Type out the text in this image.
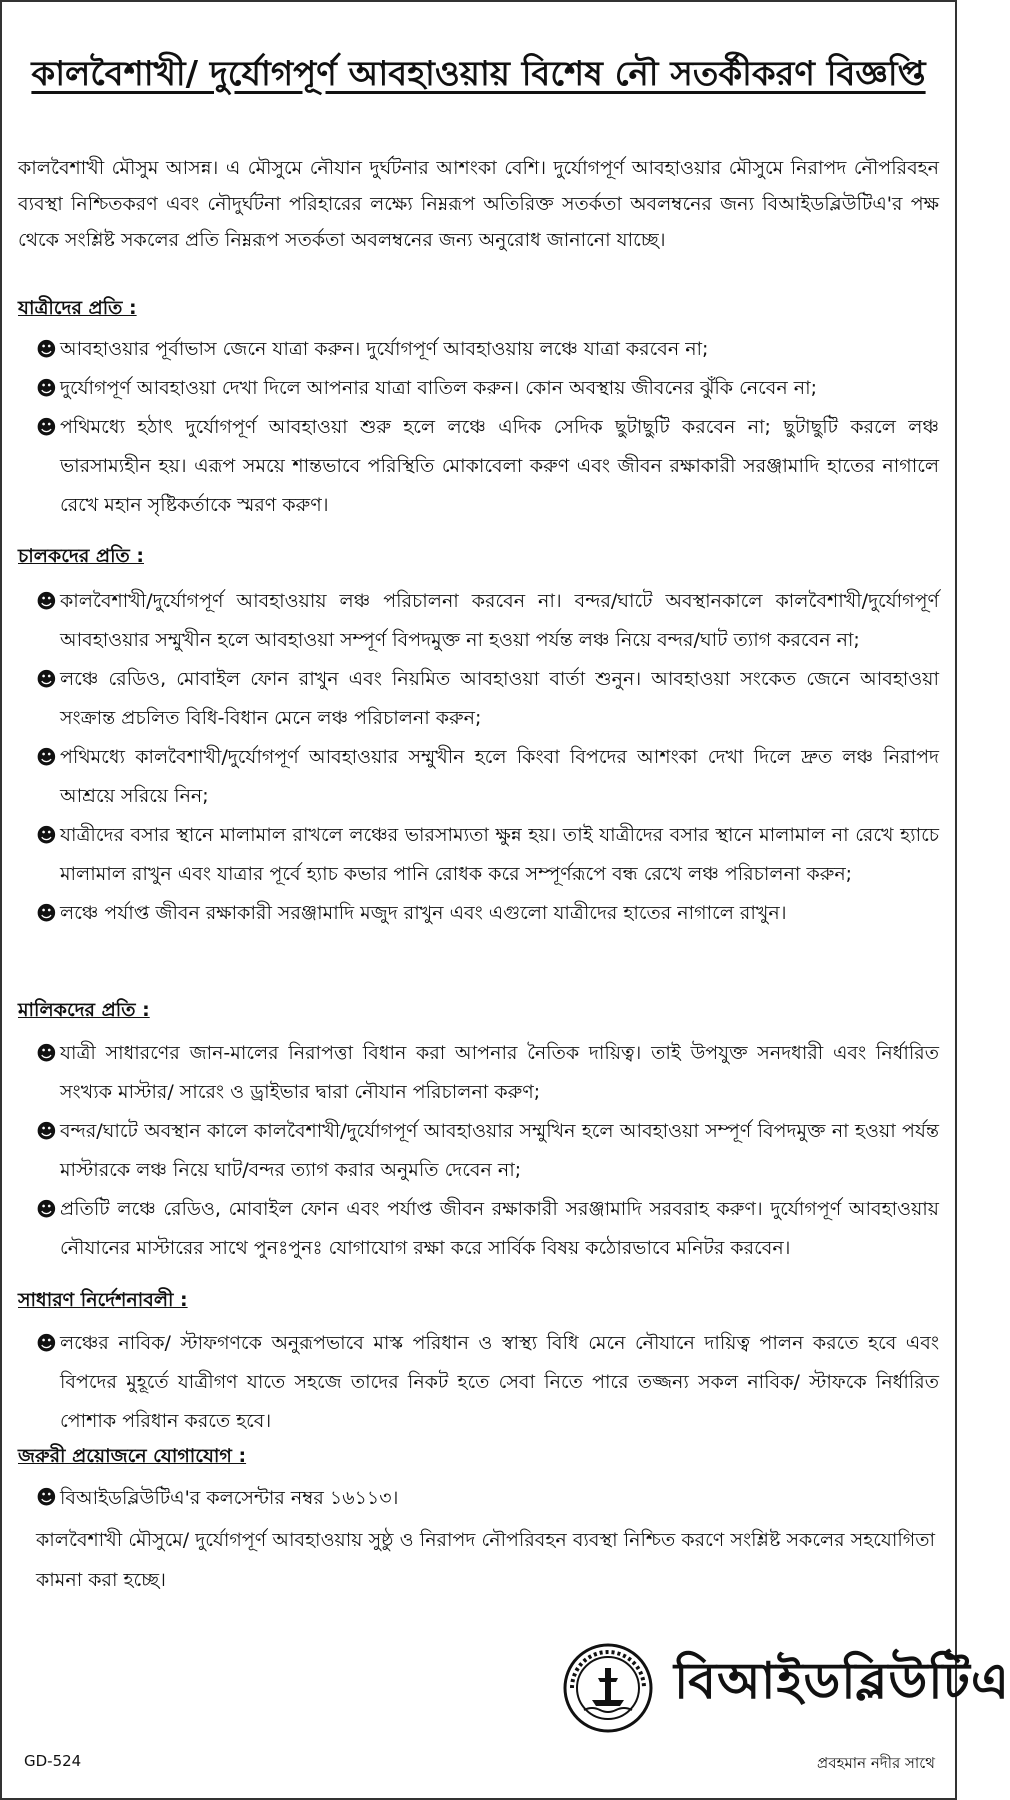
কালবৈশাখী/ দুর্যোগপূর্ণ আবহাওয়ায় বিশেষ নৌ সতর্কীকরণ বিজ্ঞপ্তি
কালবৈশাখী মৌসুম আসন্ন। এ মৌসুমে নৌযান দুর্ঘটনার আশংকা বেশি। দুর্যোগপূর্ণ আবহাওয়ার মৌসুমে নিরাপদ নৌপরিবহন ব্যবস্থা নিশ্চিতকরণ এবং নৌদুর্ঘটনা পরিহারের লক্ষ্যে নিম্নরূপ অতিরিক্ত সতর্কতা অবলম্বনের জন্য বিআইডব্লিউটিএ'র পক্ষ থেকে সংশ্লিষ্ট সকলের প্রতি নিম্নরূপ সতর্কতা অবলম্বনের জন্য অনুরোধ জানানো যাচ্ছে।
যাত্রীদের প্রতি :
☻ আবহাওয়ার পূর্বাভাস জেনে যাত্রা করুন। দুর্যোগপূর্ণ আবহাওয়ায় লঞ্চে যাত্রা করবেন না;
☻ দুর্যোগপূর্ণ আবহাওয়া দেখা দিলে আপনার যাত্রা বাতিল করুন। কোন অবস্থায় জীবনের ঝুঁকি নেবেন না;
☻ পথিমধ্যে হঠাৎ দুর্যোগপূর্ণ আবহাওয়া শুরু হলে লঞ্চে এদিক সেদিক ছুটাছুটি করবেন না; ছুটাছুটি করলে লঞ্চ ভারসাম্যহীন হয়। এরূপ সময়ে শান্তভাবে পরিস্থিতি মোকাবেলা করুণ এবং জীবন রক্ষাকারী সরঞ্জামাদি হাতের নাগালে রেখে মহান সৃষ্টিকর্তাকে স্মরণ করুণ।
চালকদের প্রতি :
☻ কালবৈশাখী/দুর্যোগপূর্ণ আবহাওয়ায় লঞ্চ পরিচালনা করবেন না। বন্দর/ঘাটে অবস্থানকালে কালবৈশাখী/দুর্যোগপূর্ণ আবহাওয়ার সম্মুখীন হলে আবহাওয়া সম্পূর্ণ বিপদমুক্ত না হওয়া পর্যন্ত লঞ্চ নিয়ে বন্দর/ঘাট ত্যাগ করবেন না;
☻ লঞ্চে রেডিও, মোবাইল ফোন রাখুন এবং নিয়মিত আবহাওয়া বার্তা শুনুন। আবহাওয়া সংকেত জেনে আবহাওয়া সংক্রান্ত প্রচলিত বিধি-বিধান মেনে লঞ্চ পরিচালনা করুন;
☻ পথিমধ্যে কালবৈশাখী/দুর্যোগপূর্ণ আবহাওয়ার সম্মুখীন হলে কিংবা বিপদের আশংকা দেখা দিলে দ্রুত লঞ্চ নিরাপদ আশ্রয়ে সরিয়ে নিন;
☻ যাত্রীদের বসার স্থানে মালামাল রাখলে লঞ্চের ভারসাম্যতা ক্ষুন্ন হয়। তাই যাত্রীদের বসার স্থানে মালামাল না রেখে হ্যাচে মালামাল রাখুন এবং যাত্রার পূর্বে হ্যাচ কভার পানি রোধক করে সম্পূর্ণরূপে বন্ধ রেখে লঞ্চ পরিচালনা করুন;
☻ লঞ্চে পর্যাপ্ত জীবন রক্ষাকারী সরঞ্জামাদি মজুদ রাখুন এবং এগুলো যাত্রীদের হাতের নাগালে রাখুন।
মালিকদের প্রতি :
☻ যাত্রী সাধারণের জান-মালের নিরাপত্তা বিধান করা আপনার নৈতিক দায়িত্ব। তাই উপযুক্ত সনদধারী এবং নির্ধারিত সংখ্যক মাস্টার/ সারেং ও ড্রাইভার দ্বারা নৌযান পরিচালনা করুণ;
☻ বন্দর/ঘাটে অবস্থান কালে কালবৈশাখী/দুর্যোগপূর্ণ আবহাওয়ার সম্মুখিন হলে আবহাওয়া সম্পূর্ণ বিপদমুক্ত না হওয়া পর্যন্ত মাস্টারকে লঞ্চ নিয়ে ঘাট/বন্দর ত্যাগ করার অনুমতি দেবেন না;
☻ প্রতিটি লঞ্চে রেডিও, মোবাইল ফোন এবং পর্যাপ্ত জীবন রক্ষাকারী সরঞ্জামাদি সরবরাহ করুণ। দুর্যোগপূর্ণ আবহাওয়ায় নৌযানের মাস্টারের সাথে পুনঃপুনঃ যোগাযোগ রক্ষা করে সার্বিক বিষয় কঠোরভাবে মনিটর করবেন।
সাধারণ নির্দেশনাবলী :
☻ লঞ্চের নাবিক/ স্টাফগণকে অনুরূপভাবে মাস্ক পরিধান ও স্বাস্থ্য বিধি মেনে নৌযানে দায়িত্ব পালন করতে হবে এবং বিপদের মুহূর্তে যাত্রীগণ যাতে সহজে তাদের নিকট হতে সেবা নিতে পারে তজ্জন্য সকল নাবিক/ স্টাফকে নির্ধারিত পোশাক পরিধান করতে হবে।
জরুরী প্রয়োজনে যোগাযোগ :
☻ বিআইডব্লিউটিএ'র কলসেন্টার নম্বর ১৬১১৩।
কালবৈশাখী মৌসুমে/ দুর্যোগপূর্ণ আবহাওয়ায় সুষ্ঠু ও নিরাপদ নৌপরিবহন ব্যবস্থা নিশ্চিত করণে সংশ্লিষ্ট সকলের সহযোগিতা কামনা করা হচ্ছে।
বিআইডব্লিউটিএ
প্রবহমান নদীর সাথে
GD-524
